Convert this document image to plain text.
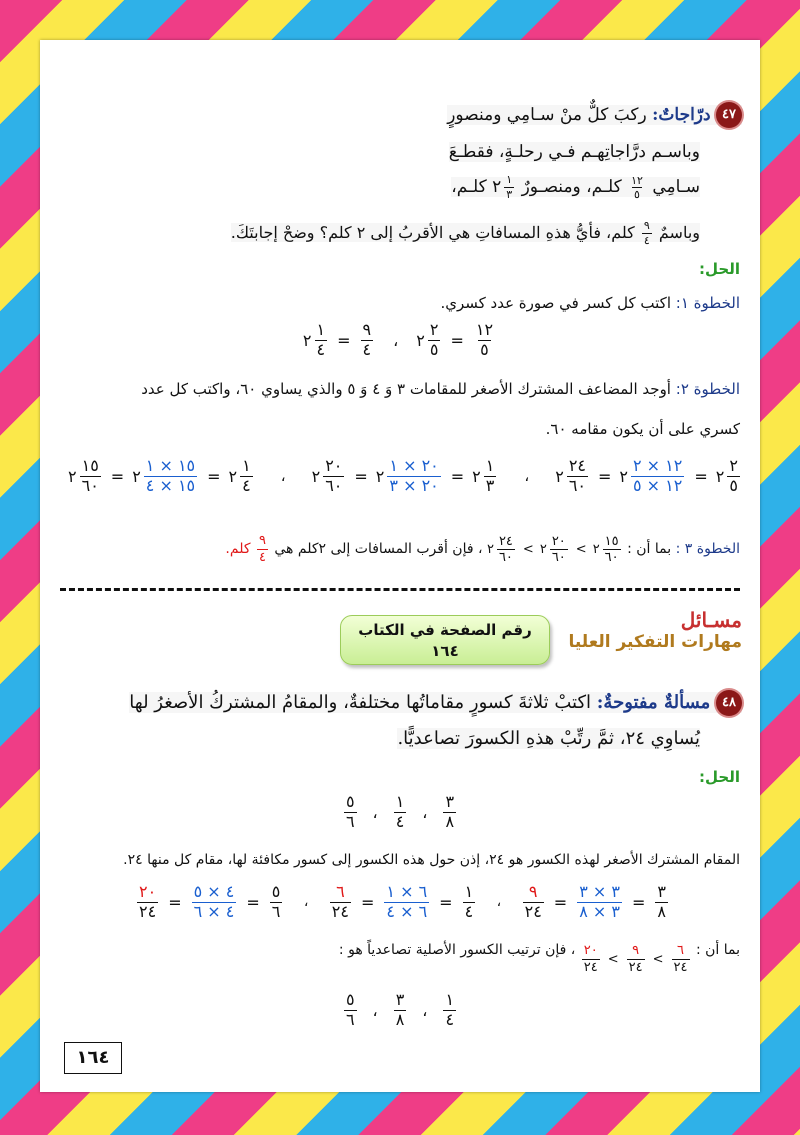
٤٧ درّاجاتٌ: ركبَ كلٌّ منْ سـامِي ومنصورٍ
وباسـم درَّاجاتِهـم فـي رحلـةٍ، فقطـعَ
سـامِي
$\frac{١٢}{٥}$
كلـم، ومنصـورٌ
٢ $\frac{١}{٣}$
كلـم،
وباسمٌ
$\frac{٩}{٤}$
كلم، فأيُّ هذهِ المسافاتِ هي الأقربُ إلى ٢ كلم؟ وضحْ إجابتَكَ.
الحل:
الخطوة ١: اكتب كل كسر في صورة عدد كسري.
٢ $\frac{١}{٤} = \frac{٩}{٤}$ ، ٢ $\frac{٢}{٥} = \frac{١٢}{٥}$
الخطوة ٢: أوجد المضاعف المشترك الأصغر للمقامات ٣ وَ ٤ وَ ٥ والذي يساوي ٦٠، واكتب كل عدد
كسري على أن يكون مقامه ٦٠.
٢ $\frac{١٥}{٦٠}$ = ٢ $\frac{١٥ \times ١}{١٥ \times ٤}$ = ٢ $\frac{١}{٤}$ ، ٢ $\frac{٢٠}{٦٠}$ = ٢ $\frac{٢٠ \times ١}{٢٠ \times ٣}$ = ٢ $\frac{١}{٣}$ ، ٢ $\frac{٢٤}{٦٠}$ = ٢ $\frac{١٢ \times ٢}{١٢ \times ٥}$ = ٢ $\frac{٢}{٥}$
الخطوة ٣ : بما أن :
٢ $\frac{٢٤}{٦٠}$ < ٢ $\frac{٢٠}{٦٠}$ < ٢ $\frac{١٥}{٦٠}$
، فإن أقرب المسافات إلى ٢كلم هي
$\frac{٩}{٤}$
كلم.
مسـائل
مهارات التفكير العليا
رقم الصفحة في الكتاب
١٦٤
٤٨ مسألةٌ مفتوحةٌ: اكتبْ ثلاثةَ كسورٍ مقاماتُها مختلفةٌ، والمقامُ المشتركُ الأصغرُ لها
يُساوِي ٢٤، ثمَّ رتِّبْ هذهِ الكسورَ تصاعديًّا.
الحل:
$\frac{٥}{٦}$ ، $\frac{١}{٤}$ ، $\frac{٣}{٨}$
المقام المشترك الأصغر لهذه الكسور هو ٢٤، إذن حول هذه الكسور إلى كسور مكافئة لها، مقام كل منها ٢٤.
$\frac{٢٠}{٢٤} = \frac{٤ \times ٥}{٤ \times ٦} = \frac{٥}{٦}$ ، $\frac{٦}{٢٤} = \frac{٦ \times ١}{٦ \times ٤} = \frac{١}{٤}$ ، $\frac{٩}{٢٤} = \frac{٣ \times ٣}{٣ \times ٨} = \frac{٣}{٨}$
بما أن :
$\frac{٢٠}{٢٤} < \frac{٩}{٢٤} < \frac{٦}{٢٤}$
، فإن ترتيب الكسور الأصلية تصاعدياً هو :
$\frac{٥}{٦}$ ، $\frac{٣}{٨}$ ، $\frac{١}{٤}$
١٦٤
